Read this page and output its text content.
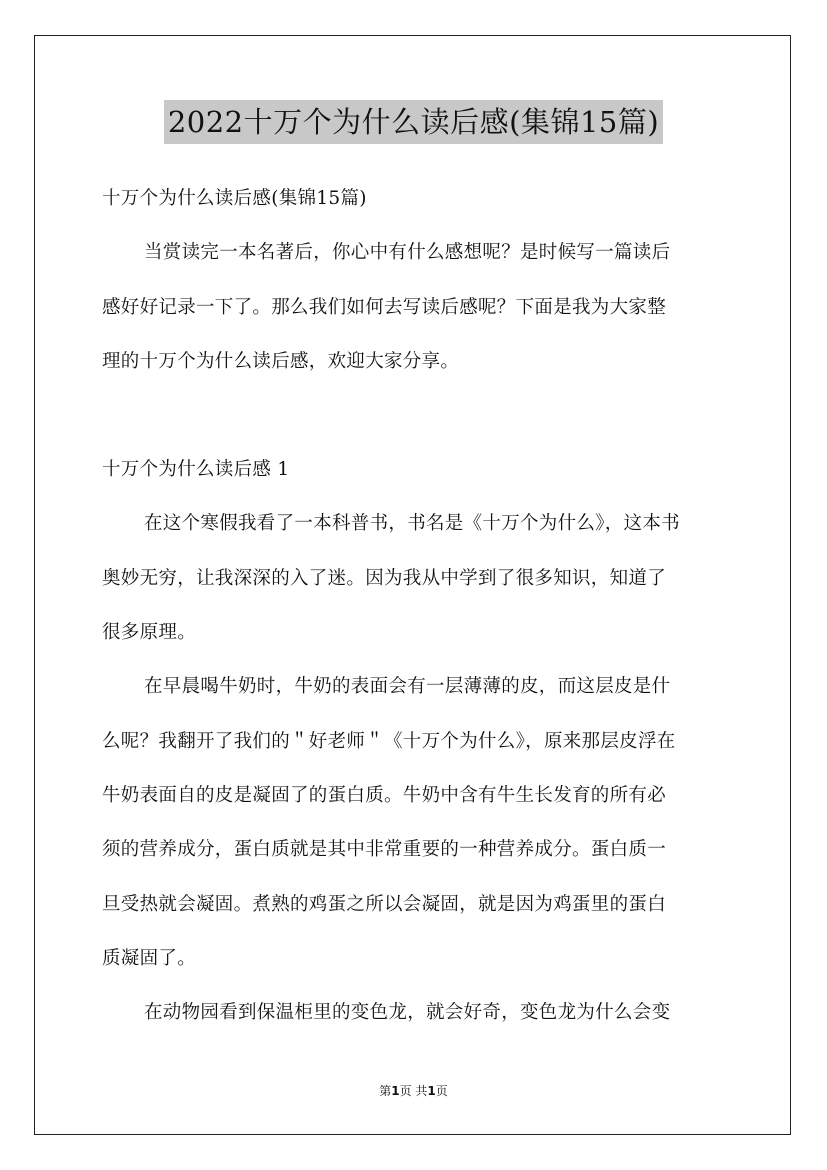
2022十万个为什么读后感(集锦15篇)
十万个为什么读后感(集锦15篇)
当赏读完一本名著后，你心中有什么感想呢？是时候写一篇读后
感好好记录一下了。那么我们如何去写读后感呢？下面是我为大家整
理的十万个为什么读后感，欢迎大家分享。
十万个为什么读后感 1
在这个寒假我看了一本科普书，书名是《十万个为什么》，这本书
奥妙无穷，让我深深的入了迷。因为我从中学到了很多知识，知道了
很多原理。
在早晨喝牛奶时，牛奶的表面会有一层薄薄的皮，而这层皮是什
么呢？我翻开了我们的＂好老师＂《十万个为什么》，原来那层皮浮在
牛奶表面自的皮是凝固了的蛋白质。牛奶中含有牛生长发育的所有必
须的营养成分，蛋白质就是其中非常重要的一种营养成分。蛋白质一
旦受热就会凝固。煮熟的鸡蛋之所以会凝固，就是因为鸡蛋里的蛋白
质凝固了。
在动物园看到保温柜里的变色龙，就会好奇，变色龙为什么会变
第1页 共1页
